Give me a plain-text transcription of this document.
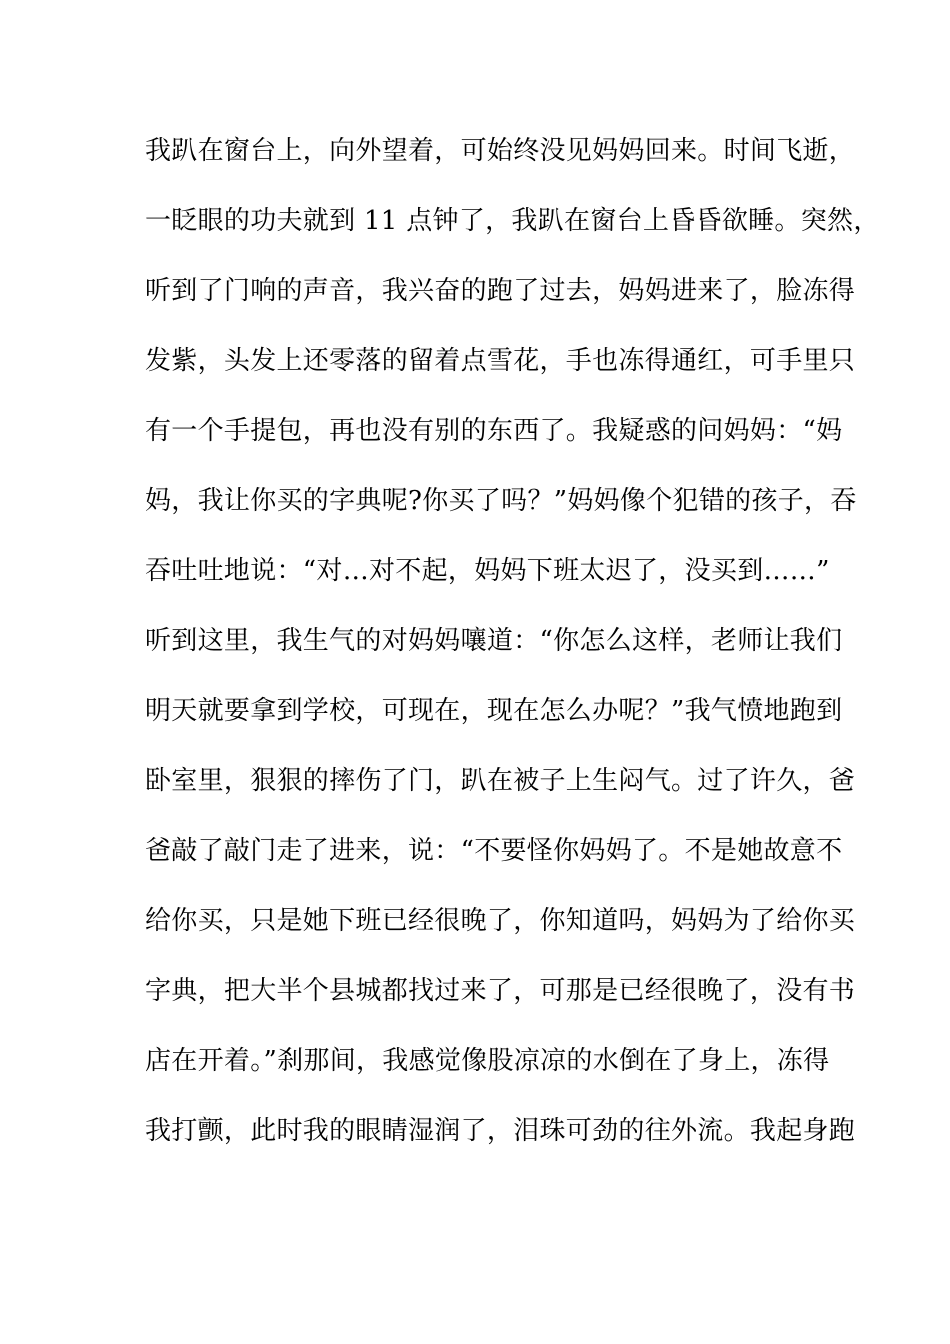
我趴在窗台上，向外望着，可始终没见妈妈回来。时间飞逝，
一眨眼的功夫就到 11 点钟了，我趴在窗台上昏昏欲睡。突然，
听到了门响的声音，我兴奋的跑了过去，妈妈进来了，脸冻得
发紫，头发上还零落的留着点雪花，手也冻得通红，可手里只
有一个手提包，再也没有别的东西了。我疑惑的问妈妈：“妈
妈，我让你买的字典呢?你买了吗？”妈妈像个犯错的孩子，吞
吞吐吐地说：“对…对不起，妈妈下班太迟了，没买到……”
听到这里，我生气的对妈妈嚷道：“你怎么这样，老师让我们
明天就要拿到学校，可现在，现在怎么办呢？”我气愤地跑到
卧室里，狠狠的摔伤了门，趴在被子上生闷气。过了许久，爸
爸敲了敲门走了进来，说：“不要怪你妈妈了。不是她故意不
给你买，只是她下班已经很晚了，你知道吗，妈妈为了给你买
字典，把大半个县城都找过来了，可那是已经很晚了，没有书
店在开着。”刹那间，我感觉像股凉凉的水倒在了身上，冻得
我打颤，此时我的眼睛湿润了，泪珠可劲的往外流。我起身跑
